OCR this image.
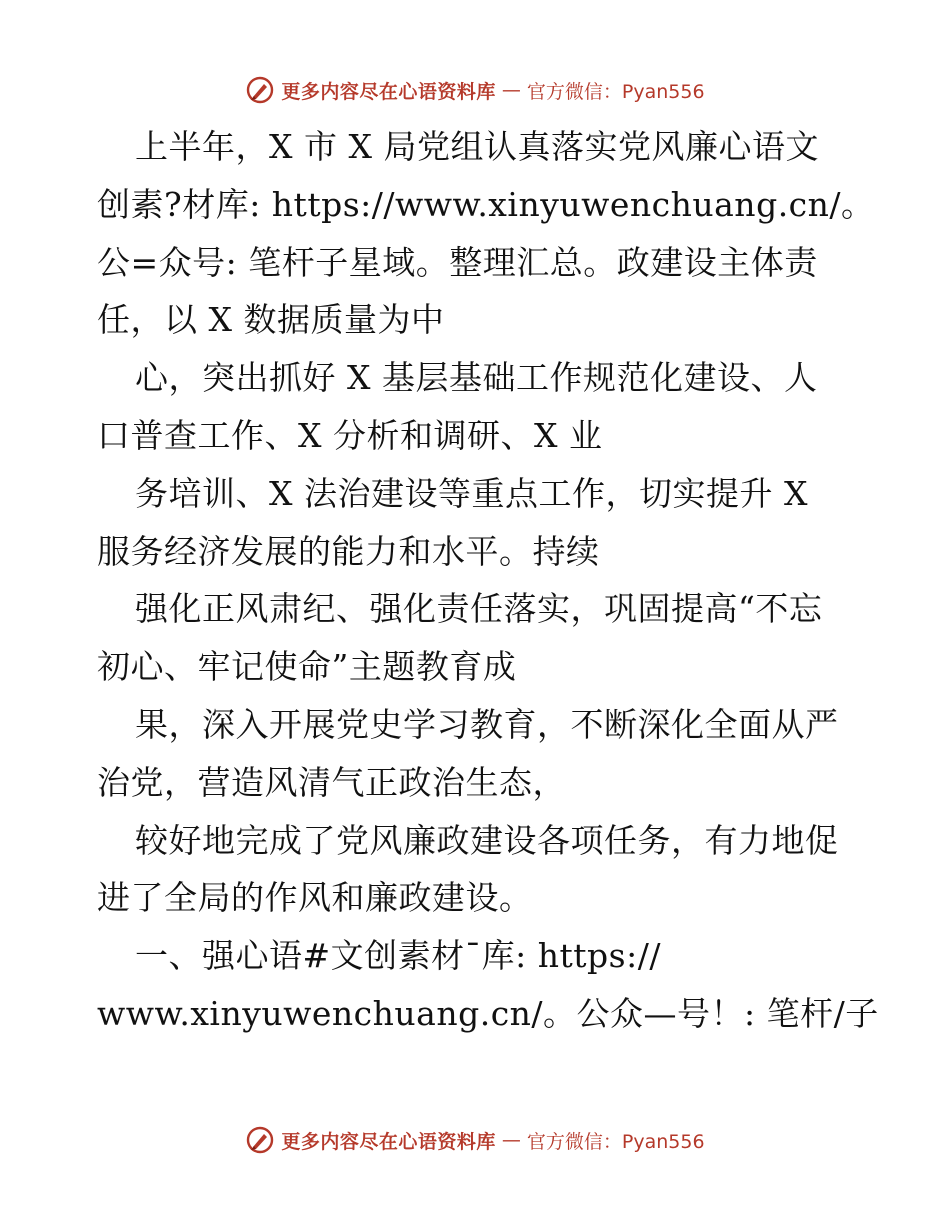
更多内容尽在心语资料库 — 官方微信：Pyan556
上半年，X 市 X 局党组认真落实党风廉心语文
创素?材库: https://www.xinyuwenchuang.cn/。
公=众号: 笔杆子星域。整理汇总。政建设主体责
任，以 X 数据质量为中
心，突出抓好 X 基层基础工作规范化建设、人
口普查工作、X 分析和调研、X 业
务培训、X 法治建设等重点工作，切实提升 X
服务经济发展的能力和水平。持续
强化正风肃纪、强化责任落实，巩固提高“不忘
初心、牢记使命”主题教育成
果，深入开展党史学习教育，不断深化全面从严
治党，营造风清气正政治生态，
较好地完成了党风廉政建设各项任务，有力地促
进了全局的作风和廉政建设。
一、强心语#文创素材¯库: https://
www.xinyuwenchuang.cn/。公众—号！: 笔杆/子
更多内容尽在心语资料库 — 官方微信：Pyan556
